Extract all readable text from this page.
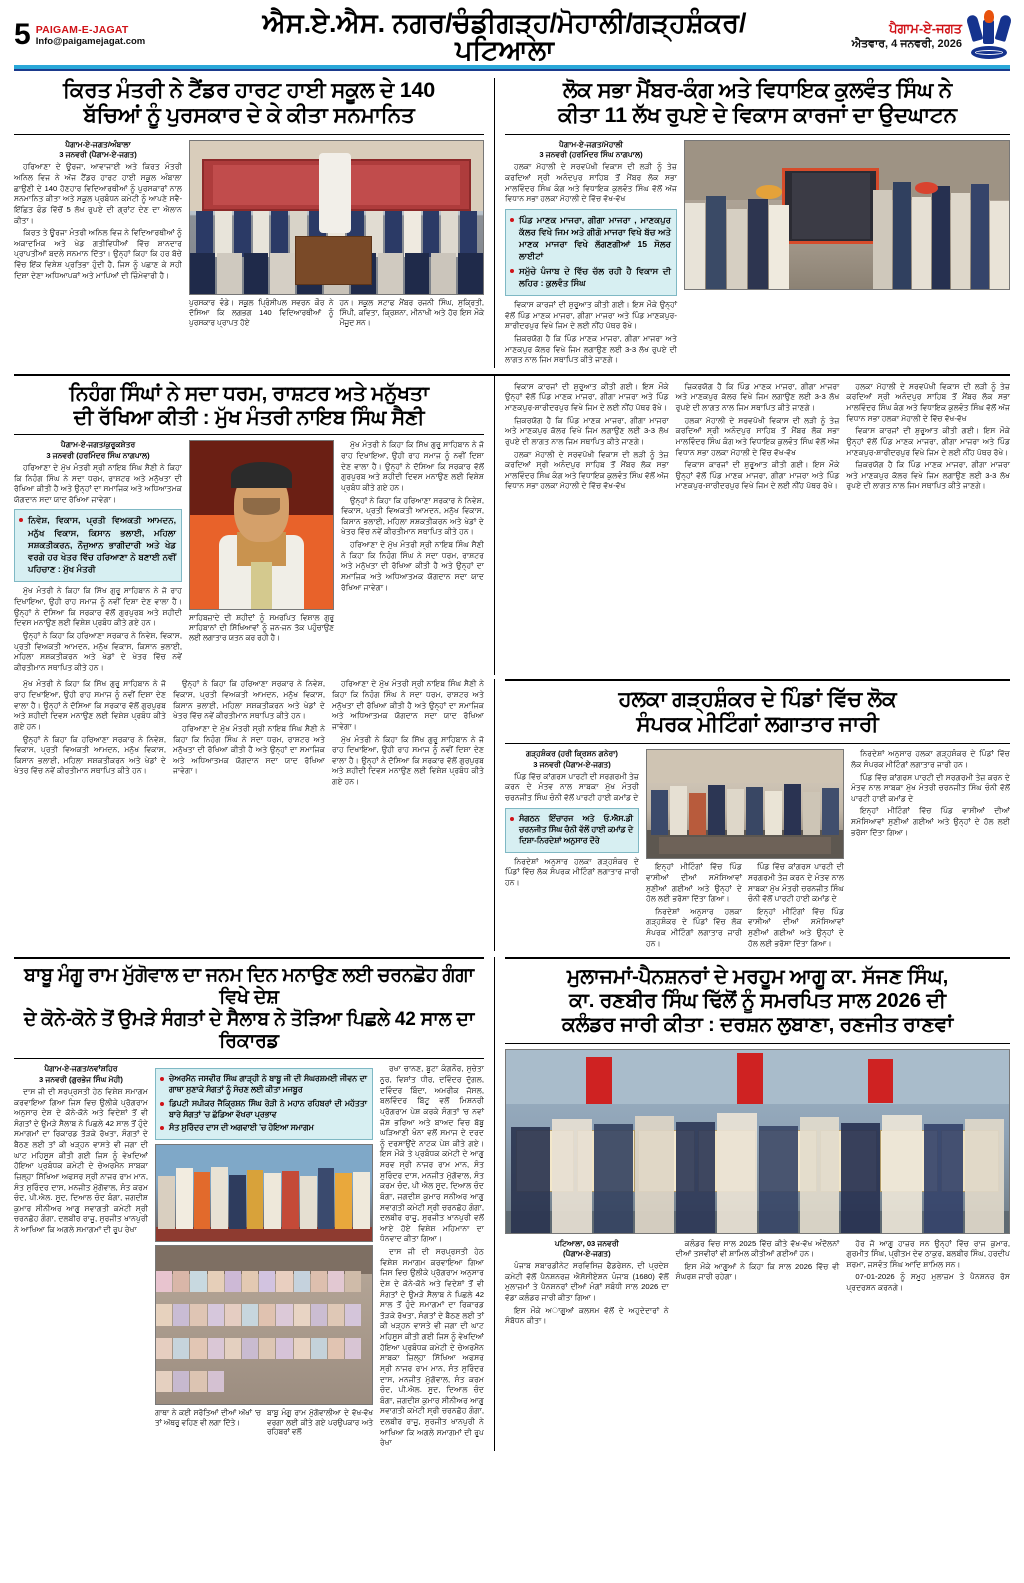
5 PAIGAM-E-JAGAT
Info@paigamejagat.com
ਐਸ.ਏ.ਐਸ. ਨਗਰ/ਚੰਡੀਗੜ੍ਹ/ਮੋਹਾਲੀ/ਗੜ੍ਹਸ਼ੰਕਰ/ਪਟਿਆਲਾ
ਪੈਗਾਮ-ਏ-ਜਗਤ
ਐਤਵਾਰ, 4 ਜਨਵਰੀ, 2026
ਕਿਰਤ ਮੰਤਰੀ ਨੇ ਟੈਂਡਰ ਹਾਰਟ ਹਾਈ ਸਕੂਲ ਦੇ 140
ਬੱਚਿਆਂ ਨੂੰ ਪੁਰਸਕਾਰ ਦੇ ਕੇ ਕੀਤਾ ਸਨਮਾਨਿਤ
ਪੈਗਾਮ-ਏ-ਜਗਤ/ਅੰਬਾਲਾ
3 ਜਨਵਰੀ (ਪੈਗਾਮ-ਏ-ਜਗਤ)

ਹਰਿਆਣਾ ਦੇ ਊਰਜਾ, ਆਵਾਜਾਈ ਅਤੇ ਕਿਰਤ ਮੰਤਰੀ ਅਨਿਲ ਵਿਜ ਨੇ ਅੱਜ ਟੈਂਡਰ ਹਾਰਟ ਹਾਈ ਸਕੂਲ ਅੰਬਾਲਾ ਛਾਉਣੀ ਦੇ 140 ਹੋਣਹਾਰ ਵਿਦਿਆਰਥੀਆਂ ਨੂੰ ਪੁਰਸਕਾਰਾਂ ਨਾਲ ਸਨਮਾਨਿਤ ਕੀਤਾ ਅਤੇ ਸਕੂਲ ਪ੍ਰਬੰਧਨ ਕਮੇਟੀ ਨੂੰ ਆਪਣੇ ਸਵੈ-ਇੱਛਿਤ ਫੰਡ ਵਿੱਚੋਂ 5 ਲੱਖ ਰੁਪਏ ਦੀ ਗ੍ਰਾਂਟ ਦੇਣ ਦਾ ਐਲਾਨ ਕੀਤਾ।

ਕਿਰਤ ਤੇ ਊਰਜਾ ਮੰਤਰੀ ਅਨਿਲ ਵਿਜ ਨੇ ਵਿਦਿਆਰਥੀਆਂ ਨੂੰ ਅਕਾਦਮਿਕ ਅਤੇ ਖੇਡ ਗਤੀਵਿਧੀਆਂ ਵਿੱਚ ਸ਼ਾਨਦਾਰ ਪ੍ਰਾਪਤੀਆਂ ਬਦਲੇ ਸਨਮਾਨ ਦਿੱਤਾ। ਉਨ੍ਹਾਂ ਕਿਹਾ ਕਿ ਹਰ ਬੱਚੇ ਵਿੱਚ ਇੱਕ ਵਿਸ਼ੇਸ਼ ਪ੍ਰਤਿਭਾ ਹੁੰਦੀ ਹੈ, ਜਿਸ ਨੂੰ ਪਛਾਣ ਕੇ ਸਹੀ ਦਿਸ਼ਾ ਦੇਣਾ ਅਧਿਆਪਕਾਂ ਅਤੇ ਮਾਪਿਆਂ ਦੀ ਜ਼ਿੰਮੇਵਾਰੀ ਹੈ।

ਪੁਰਸਕਾਰ ਵੰਡੇ। ਸਕੂਲ ਪ੍ਰਿੰਸੀਪਲ ਸਵਰਨ ਕੌਰ ਨੇ ਦੱਸਿਆ ਕਿ ਲਗਭਗ 140 ਵਿਦਿਆਰਥੀਆਂ ਨੂੰ ਪੁਰਸਕਾਰ ਪ੍ਰਾਪਤ ਹੋਏ
ਹਨ। ਸਕੂਲ ਸਟਾਫ ਮੈਂਬਰ ਰਜਨੀ ਸਿੰਘ, ਸੁਕ੍ਰਿਤੀ, ਸਿੰਪੀ, ਕਵਿਤਾ, ਕ੍ਰਿਸ਼ਨਾ, ਮੀਨਾਖੀ ਅਤੇ ਹੋਰ ਇਸ ਮੌਕੇ ਮੌਜੂਦ ਸਨ।
ਲੋਕ ਸਭਾ ਮੈਂਬਰ-ਕੰਗ ਅਤੇ ਵਿਧਾਇਕ ਕੁਲਵੰਤ ਸਿੰਘ ਨੇ
ਕੀਤਾ 11 ਲੱਖ ਰੁਪਏ ਦੇ ਵਿਕਾਸ ਕਾਰਜਾਂ ਦਾ ਉਦਘਾਟਨ
ਪੈਗਾਮ-ਏ-ਜਗਤ/ਮੋਹਾਲੀ
3 ਜਨਵਰੀ (ਹਰਮਿੰਦਰ ਸਿੰਘ ਨਾਗਪਾਲ)

ਹਲਕਾ ਮੋਹਾਲੀ ਦੇ ਸਰਵਪੱਖੀ ਵਿਕਾਸ ਦੀ ਲੜੀ ਨੂੰ ਤੇਜ਼ ਕਰਦਿਆਂ ਸ੍ਰੀ ਅਨੰਦਪੁਰ ਸਾਹਿਬ ਤੋਂ ਮੈਂਬਰ ਲੋਕ ਸਭਾ ਮਾਲਵਿੰਦਰ ਸਿੰਘ ਕੰਗ ਅਤੇ ਵਿਧਾਇਕ ਕੁਲਵੰਤ ਸਿੰਘ ਵੱਲੋਂ ਅੱਜ ਵਿਧਾਨ ਸਭਾ ਹਲਕਾ ਮੋਹਾਲੀ ਦੇ ਵਿੱਚ ਵੱਖ-ਵੱਖ

ਪਿੰਡ ਮਾਣਕ ਮਾਜਰਾ, ਗੀਗਾ ਮਾਜਰਾ , ਮਾਣਕਪੁਰ ਕੱਲਰ ਵਿਖੇ ਜਿਮ ਅਤੇ ਗੀਗੋ ਮਾਜਰਾ ਵਿਖੇ ਬੱਚ ਅਤੇ ਮਾਣਕ ਮਾਜਰਾ ਵਿਖੇ ਲੱਗਣਗੀਆਂ 15 ਸੋਲਰ ਲਾਈਟਾਂ
ਸਮੁੱਚੇ ਪੰਜਾਬ ਦੇ ਵਿੱਚ ਚੱਲ ਰਹੀ ਹੈ ਵਿਕਾਸ ਦੀ ਲਹਿਰ : ਕੁਲਵੰਤ ਸਿੰਘ

ਵਿਕਾਸ ਕਾਰਜਾਂ ਦੀ ਸ਼ੁਰੂਆਤ ਕੀਤੀ ਗਈ। ਇਸ ਮੌਕੇ ਉਨ੍ਹਾਂ ਵੱਲੋਂ ਪਿੰਡ ਮਾਣਕ ਮਾਜਰਾ, ਗੀਗਾ ਮਾਜਰਾ ਅਤੇ ਪਿੰਡ ਮਾਣਕਪੁਰ-ਸ਼ਾਰੀਦਰਪੁਰ ਵਿਖੇ ਜਿਮ ਦੇ ਲਈ ਨੀਂਹ ਪੱਥਰ ਰੱਖੇ।

ਜ਼ਿਕਰਯੋਗ ਹੈ ਕਿ ਪਿੰਡ ਮਾਣਕ ਮਾਜਰਾ, ਗੀਗਾ ਮਾਜਰਾ ਅਤੇ ਮਾਣਕਪੁਰ ਕੱਲਰ ਵਿਖੇ ਜਿਮ ਲਗਾਉਣ ਲਈ 3-3 ਲੱਖ ਰੁਪਏ ਦੀ ਲਾਗਤ ਨਾਲ ਜਿਮ ਸਥਾਪਿਤ ਕੀਤੇ ਜਾਣਗੇ।

ਨਿਹੰਗ ਸਿੰਘਾਂ ਨੇ ਸਦਾ ਧਰਮ, ਰਾਸ਼ਟਰ ਅਤੇ ਮਨੁੱਖਤਾ
ਦੀ ਰੱਖਿਆ ਕੀਤੀ : ਮੁੱਖ ਮੰਤਰੀ ਨਾਇਬ ਸਿੰਘ ਸੈਣੀ
ਪੈਗਾਮ-ਏ-ਜਗਤ/ਕੁਰੂਕਸ਼ੇਤਰ
3 ਜਨਵਰੀ (ਹਰਮਿੰਦਰ ਸਿੰਘ ਨਾਗਪਾਲ)

ਹਰਿਆਣਾ ਦੇ ਮੁੱਖ ਮੰਤਰੀ ਸ੍ਰੀ ਨਾਇਬ ਸਿੰਘ ਸੈਣੀ ਨੇ ਕਿਹਾ ਕਿ ਨਿਹੰਗ ਸਿੰਘ ਨੇ ਸਦਾ ਧਰਮ, ਰਾਸ਼ਟਰ ਅਤੇ ਮਨੁੱਖਤਾ ਦੀ ਰੱਖਿਆ ਕੀਤੀ ਹੈ ਅਤੇ ਉਨ੍ਹਾਂ ਦਾ ਸਮਾਜਿਕ ਅਤੇ ਅਧਿਆਤਮਕ ਯੋਗਦਾਨ ਸਦਾ ਯਾਦ ਰੱਖਿਆ ਜਾਵੇਗਾ।

ਨਿਵੇਸ਼, ਵਿਕਾਸ, ਪ੍ਰਤੀ ਵਿਅਕਤੀ ਆਮਦਨ, ਮਨੁੱਖ ਵਿਕਾਸ, ਕਿਸਾਨ ਭਲਾਈ, ਮਹਿਲਾ ਸਸ਼ਕਤੀਕਰਨ, ਨੌਜੁਆਨ ਭਾਗੀਦਾਰੀ ਅਤੇ ਖੇਡ ਵਰਗੇ ਹਰ ਖੇਤਰ ਵਿੱਚ ਹਰਿਆਣਾ ਨੇ ਬਣਾਈ ਨਵੀਂ ਪਹਿਚਾਣ : ਮੁੱਖ ਮੰਤਰੀ

ਮੁੱਖ ਮੰਤਰੀ ਨੇ ਕਿਹਾ ਕਿ ਸਿੱਖ ਗੁਰੂ ਸਾਹਿਬਾਨ ਨੇ ਜੋ ਰਾਹ ਦਿਖਾਇਆ, ਉਹੀ ਰਾਹ ਸਮਾਜ ਨੂੰ ਨਵੀਂ ਦਿਸ਼ਾ ਦੇਣ ਵਾਲਾ ਹੈ। ਉਨ੍ਹਾਂ ਨੇ ਦੱਸਿਆ ਕਿ ਸਰਕਾਰ ਵੱਲੋਂ ਗੁਰਪੁਰਬ ਅਤੇ ਸ਼ਹੀਦੀ ਦਿਵਸ ਮਨਾਉਣ ਲਈ ਵਿਸ਼ੇਸ਼ ਪ੍ਰਬੰਧ ਕੀਤੇ ਗਏ ਹਨ।

ਉਨ੍ਹਾਂ ਨੇ ਕਿਹਾ ਕਿ ਹਰਿਆਣਾ ਸਰਕਾਰ ਨੇ ਨਿਵੇਸ਼, ਵਿਕਾਸ, ਪ੍ਰਤੀ ਵਿਅਕਤੀ ਆਮਦਨ, ਮਨੁੱਖ ਵਿਕਾਸ, ਕਿਸਾਨ ਭਲਾਈ, ਮਹਿਲਾ ਸਸ਼ਕਤੀਕਰਨ ਅਤੇ ਖੇਡਾਂ ਦੇ ਖੇਤਰ ਵਿੱਚ ਨਵੇਂ ਕੀਰਤੀਮਾਨ ਸਥਾਪਿਤ ਕੀਤੇ ਹਨ।

ਸਾਹਿਬਜ਼ਾਦੇ ਦੀ ਸ਼ਹੀਦਾਂ ਨੂੰ ਸਮਰਪਿਤ ਵਿਸ਼ਾਲ ਗੁਰੂ ਸਾਹਿਬਾਨਾਂ ਦੀ ਸਿੱਖਿਆਵਾਂ ਨੂੰ ਜਨ-ਜਨ ਤੱਕ ਪਹੁੰਚਾਉਣ ਲਈ ਲਗਾਤਾਰ ਯਤਨ ਕਰ ਰਹੀ ਹੈ।

ਮੁੱਖ ਮੰਤਰੀ ਨੇ ਕਿਹਾ ਕਿ ਸਿੱਖ ਗੁਰੂ ਸਾਹਿਬਾਨ ਨੇ ਜੋ ਰਾਹ ਦਿਖਾਇਆ, ਉਹੀ ਰਾਹ ਸਮਾਜ ਨੂੰ ਨਵੀਂ ਦਿਸ਼ਾ ਦੇਣ ਵਾਲਾ ਹੈ। ਉਨ੍ਹਾਂ ਨੇ ਦੱਸਿਆ ਕਿ ਸਰਕਾਰ ਵੱਲੋਂ ਗੁਰਪੁਰਬ ਅਤੇ ਸ਼ਹੀਦੀ ਦਿਵਸ ਮਨਾਉਣ ਲਈ ਵਿਸ਼ੇਸ਼ ਪ੍ਰਬੰਧ ਕੀਤੇ ਗਏ ਹਨ।

ਉਨ੍ਹਾਂ ਨੇ ਕਿਹਾ ਕਿ ਹਰਿਆਣਾ ਸਰਕਾਰ ਨੇ ਨਿਵੇਸ਼, ਵਿਕਾਸ, ਪ੍ਰਤੀ ਵਿਅਕਤੀ ਆਮਦਨ, ਮਨੁੱਖ ਵਿਕਾਸ, ਕਿਸਾਨ ਭਲਾਈ, ਮਹਿਲਾ ਸਸ਼ਕਤੀਕਰਨ ਅਤੇ ਖੇਡਾਂ ਦੇ ਖੇਤਰ ਵਿੱਚ ਨਵੇਂ ਕੀਰਤੀਮਾਨ ਸਥਾਪਿਤ ਕੀਤੇ ਹਨ।

ਹਰਿਆਣਾ ਦੇ ਮੁੱਖ ਮੰਤਰੀ ਸ੍ਰੀ ਨਾਇਬ ਸਿੰਘ ਸੈਣੀ ਨੇ ਕਿਹਾ ਕਿ ਨਿਹੰਗ ਸਿੰਘ ਨੇ ਸਦਾ ਧਰਮ, ਰਾਸ਼ਟਰ ਅਤੇ ਮਨੁੱਖਤਾ ਦੀ ਰੱਖਿਆ ਕੀਤੀ ਹੈ ਅਤੇ ਉਨ੍ਹਾਂ ਦਾ ਸਮਾਜਿਕ ਅਤੇ ਅਧਿਆਤਮਕ ਯੋਗਦਾਨ ਸਦਾ ਯਾਦ ਰੱਖਿਆ ਜਾਵੇਗਾ।

ਵਿਕਾਸ ਕਾਰਜਾਂ ਦੀ ਸ਼ੁਰੂਆਤ ਕੀਤੀ ਗਈ। ਇਸ ਮੌਕੇ ਉਨ੍ਹਾਂ ਵੱਲੋਂ ਪਿੰਡ ਮਾਣਕ ਮਾਜਰਾ, ਗੀਗਾ ਮਾਜਰਾ ਅਤੇ ਪਿੰਡ ਮਾਣਕਪੁਰ-ਸ਼ਾਰੀਦਰਪੁਰ ਵਿਖੇ ਜਿਮ ਦੇ ਲਈ ਨੀਂਹ ਪੱਥਰ ਰੱਖੇ।

ਜ਼ਿਕਰਯੋਗ ਹੈ ਕਿ ਪਿੰਡ ਮਾਣਕ ਮਾਜਰਾ, ਗੀਗਾ ਮਾਜਰਾ ਅਤੇ ਮਾਣਕਪੁਰ ਕੱਲਰ ਵਿਖੇ ਜਿਮ ਲਗਾਉਣ ਲਈ 3-3 ਲੱਖ ਰੁਪਏ ਦੀ ਲਾਗਤ ਨਾਲ ਜਿਮ ਸਥਾਪਿਤ ਕੀਤੇ ਜਾਣਗੇ।

ਹਲਕਾ ਮੋਹਾਲੀ ਦੇ ਸਰਵਪੱਖੀ ਵਿਕਾਸ ਦੀ ਲੜੀ ਨੂੰ ਤੇਜ਼ ਕਰਦਿਆਂ ਸ੍ਰੀ ਅਨੰਦਪੁਰ ਸਾਹਿਬ ਤੋਂ ਮੈਂਬਰ ਲੋਕ ਸਭਾ ਮਾਲਵਿੰਦਰ ਸਿੰਘ ਕੰਗ ਅਤੇ ਵਿਧਾਇਕ ਕੁਲਵੰਤ ਸਿੰਘ ਵੱਲੋਂ ਅੱਜ ਵਿਧਾਨ ਸਭਾ ਹਲਕਾ ਮੋਹਾਲੀ ਦੇ ਵਿੱਚ ਵੱਖ-ਵੱਖ

ਜ਼ਿਕਰਯੋਗ ਹੈ ਕਿ ਪਿੰਡ ਮਾਣਕ ਮਾਜਰਾ, ਗੀਗਾ ਮਾਜਰਾ ਅਤੇ ਮਾਣਕਪੁਰ ਕੱਲਰ ਵਿਖੇ ਜਿਮ ਲਗਾਉਣ ਲਈ 3-3 ਲੱਖ ਰੁਪਏ ਦੀ ਲਾਗਤ ਨਾਲ ਜਿਮ ਸਥਾਪਿਤ ਕੀਤੇ ਜਾਣਗੇ।

ਹਲਕਾ ਮੋਹਾਲੀ ਦੇ ਸਰਵਪੱਖੀ ਵਿਕਾਸ ਦੀ ਲੜੀ ਨੂੰ ਤੇਜ਼ ਕਰਦਿਆਂ ਸ੍ਰੀ ਅਨੰਦਪੁਰ ਸਾਹਿਬ ਤੋਂ ਮੈਂਬਰ ਲੋਕ ਸਭਾ ਮਾਲਵਿੰਦਰ ਸਿੰਘ ਕੰਗ ਅਤੇ ਵਿਧਾਇਕ ਕੁਲਵੰਤ ਸਿੰਘ ਵੱਲੋਂ ਅੱਜ ਵਿਧਾਨ ਸਭਾ ਹਲਕਾ ਮੋਹਾਲੀ ਦੇ ਵਿੱਚ ਵੱਖ-ਵੱਖ

ਵਿਕਾਸ ਕਾਰਜਾਂ ਦੀ ਸ਼ੁਰੂਆਤ ਕੀਤੀ ਗਈ। ਇਸ ਮੌਕੇ ਉਨ੍ਹਾਂ ਵੱਲੋਂ ਪਿੰਡ ਮਾਣਕ ਮਾਜਰਾ, ਗੀਗਾ ਮਾਜਰਾ ਅਤੇ ਪਿੰਡ ਮਾਣਕਪੁਰ-ਸ਼ਾਰੀਦਰਪੁਰ ਵਿਖੇ ਜਿਮ ਦੇ ਲਈ ਨੀਂਹ ਪੱਥਰ ਰੱਖੇ।

ਹਲਕਾ ਮੋਹਾਲੀ ਦੇ ਸਰਵਪੱਖੀ ਵਿਕਾਸ ਦੀ ਲੜੀ ਨੂੰ ਤੇਜ਼ ਕਰਦਿਆਂ ਸ੍ਰੀ ਅਨੰਦਪੁਰ ਸਾਹਿਬ ਤੋਂ ਮੈਂਬਰ ਲੋਕ ਸਭਾ ਮਾਲਵਿੰਦਰ ਸਿੰਘ ਕੰਗ ਅਤੇ ਵਿਧਾਇਕ ਕੁਲਵੰਤ ਸਿੰਘ ਵੱਲੋਂ ਅੱਜ ਵਿਧਾਨ ਸਭਾ ਹਲਕਾ ਮੋਹਾਲੀ ਦੇ ਵਿੱਚ ਵੱਖ-ਵੱਖ

ਵਿਕਾਸ ਕਾਰਜਾਂ ਦੀ ਸ਼ੁਰੂਆਤ ਕੀਤੀ ਗਈ। ਇਸ ਮੌਕੇ ਉਨ੍ਹਾਂ ਵੱਲੋਂ ਪਿੰਡ ਮਾਣਕ ਮਾਜਰਾ, ਗੀਗਾ ਮਾਜਰਾ ਅਤੇ ਪਿੰਡ ਮਾਣਕਪੁਰ-ਸ਼ਾਰੀਦਰਪੁਰ ਵਿਖੇ ਜਿਮ ਦੇ ਲਈ ਨੀਂਹ ਪੱਥਰ ਰੱਖੇ।

ਜ਼ਿਕਰਯੋਗ ਹੈ ਕਿ ਪਿੰਡ ਮਾਣਕ ਮਾਜਰਾ, ਗੀਗਾ ਮਾਜਰਾ ਅਤੇ ਮਾਣਕਪੁਰ ਕੱਲਰ ਵਿਖੇ ਜਿਮ ਲਗਾਉਣ ਲਈ 3-3 ਲੱਖ ਰੁਪਏ ਦੀ ਲਾਗਤ ਨਾਲ ਜਿਮ ਸਥਾਪਿਤ ਕੀਤੇ ਜਾਣਗੇ।

ਮੁੱਖ ਮੰਤਰੀ ਨੇ ਕਿਹਾ ਕਿ ਸਿੱਖ ਗੁਰੂ ਸਾਹਿਬਾਨ ਨੇ ਜੋ ਰਾਹ ਦਿਖਾਇਆ, ਉਹੀ ਰਾਹ ਸਮਾਜ ਨੂੰ ਨਵੀਂ ਦਿਸ਼ਾ ਦੇਣ ਵਾਲਾ ਹੈ। ਉਨ੍ਹਾਂ ਨੇ ਦੱਸਿਆ ਕਿ ਸਰਕਾਰ ਵੱਲੋਂ ਗੁਰਪੁਰਬ ਅਤੇ ਸ਼ਹੀਦੀ ਦਿਵਸ ਮਨਾਉਣ ਲਈ ਵਿਸ਼ੇਸ਼ ਪ੍ਰਬੰਧ ਕੀਤੇ ਗਏ ਹਨ।

ਉਨ੍ਹਾਂ ਨੇ ਕਿਹਾ ਕਿ ਹਰਿਆਣਾ ਸਰਕਾਰ ਨੇ ਨਿਵੇਸ਼, ਵਿਕਾਸ, ਪ੍ਰਤੀ ਵਿਅਕਤੀ ਆਮਦਨ, ਮਨੁੱਖ ਵਿਕਾਸ, ਕਿਸਾਨ ਭਲਾਈ, ਮਹਿਲਾ ਸਸ਼ਕਤੀਕਰਨ ਅਤੇ ਖੇਡਾਂ ਦੇ ਖੇਤਰ ਵਿੱਚ ਨਵੇਂ ਕੀਰਤੀਮਾਨ ਸਥਾਪਿਤ ਕੀਤੇ ਹਨ।

ਉਨ੍ਹਾਂ ਨੇ ਕਿਹਾ ਕਿ ਹਰਿਆਣਾ ਸਰਕਾਰ ਨੇ ਨਿਵੇਸ਼, ਵਿਕਾਸ, ਪ੍ਰਤੀ ਵਿਅਕਤੀ ਆਮਦਨ, ਮਨੁੱਖ ਵਿਕਾਸ, ਕਿਸਾਨ ਭਲਾਈ, ਮਹਿਲਾ ਸਸ਼ਕਤੀਕਰਨ ਅਤੇ ਖੇਡਾਂ ਦੇ ਖੇਤਰ ਵਿੱਚ ਨਵੇਂ ਕੀਰਤੀਮਾਨ ਸਥਾਪਿਤ ਕੀਤੇ ਹਨ।

ਹਰਿਆਣਾ ਦੇ ਮੁੱਖ ਮੰਤਰੀ ਸ੍ਰੀ ਨਾਇਬ ਸਿੰਘ ਸੈਣੀ ਨੇ ਕਿਹਾ ਕਿ ਨਿਹੰਗ ਸਿੰਘ ਨੇ ਸਦਾ ਧਰਮ, ਰਾਸ਼ਟਰ ਅਤੇ ਮਨੁੱਖਤਾ ਦੀ ਰੱਖਿਆ ਕੀਤੀ ਹੈ ਅਤੇ ਉਨ੍ਹਾਂ ਦਾ ਸਮਾਜਿਕ ਅਤੇ ਅਧਿਆਤਮਕ ਯੋਗਦਾਨ ਸਦਾ ਯਾਦ ਰੱਖਿਆ ਜਾਵੇਗਾ।

ਹਰਿਆਣਾ ਦੇ ਮੁੱਖ ਮੰਤਰੀ ਸ੍ਰੀ ਨਾਇਬ ਸਿੰਘ ਸੈਣੀ ਨੇ ਕਿਹਾ ਕਿ ਨਿਹੰਗ ਸਿੰਘ ਨੇ ਸਦਾ ਧਰਮ, ਰਾਸ਼ਟਰ ਅਤੇ ਮਨੁੱਖਤਾ ਦੀ ਰੱਖਿਆ ਕੀਤੀ ਹੈ ਅਤੇ ਉਨ੍ਹਾਂ ਦਾ ਸਮਾਜਿਕ ਅਤੇ ਅਧਿਆਤਮਕ ਯੋਗਦਾਨ ਸਦਾ ਯਾਦ ਰੱਖਿਆ ਜਾਵੇਗਾ।

ਮੁੱਖ ਮੰਤਰੀ ਨੇ ਕਿਹਾ ਕਿ ਸਿੱਖ ਗੁਰੂ ਸਾਹਿਬਾਨ ਨੇ ਜੋ ਰਾਹ ਦਿਖਾਇਆ, ਉਹੀ ਰਾਹ ਸਮਾਜ ਨੂੰ ਨਵੀਂ ਦਿਸ਼ਾ ਦੇਣ ਵਾਲਾ ਹੈ। ਉਨ੍ਹਾਂ ਨੇ ਦੱਸਿਆ ਕਿ ਸਰਕਾਰ ਵੱਲੋਂ ਗੁਰਪੁਰਬ ਅਤੇ ਸ਼ਹੀਦੀ ਦਿਵਸ ਮਨਾਉਣ ਲਈ ਵਿਸ਼ੇਸ਼ ਪ੍ਰਬੰਧ ਕੀਤੇ ਗਏ ਹਨ।

ਹਲਕਾ ਗੜ੍ਹਸ਼ੰਕਰ ਦੇ ਪਿੰਡਾਂ ਵਿੱਚ ਲੋਕ
ਸੰਪਰਕ ਮੀਟਿੰਗਾਂ ਲਗਾਤਾਰ ਜਾਰੀ
ਗੜ੍ਹਸ਼ੰਕਰ (ਹਰੀ ਕ੍ਰਿਸ਼ਨ ਗਨੇਰਾ)
3 ਜਨਵਰੀ (ਪੈਗਾਮ-ਏ-ਜਗਤ)

ਪਿੰਡ ਵਿੱਚ ਕਾਂਗਰਸ ਪਾਰਟੀ ਦੀ ਸਰਗਰਮੀ ਤੇਜ਼ ਕਰਨ ਦੇ ਮੰਤਵ ਨਾਲ ਸਾਬਕਾ ਮੁੱਖ ਮੰਤਰੀ ਚਰਨਜੀਤ ਸਿੰਘ ਚੰਨੀ ਵੱਲੋਂ ਪਾਰਟੀ ਹਾਈ ਕਮਾਂਡ ਦੇ

ਸੰਗਠਨ ਇੰਚਾਰਜ ਅਤੇ ਓ.ਐਸ.ਡੀ ਚਰਨਜੀਤ ਸਿੰਘ ਚੰਨੀ ਵੱਲੋਂ ਹਾਈ ਕਮਾਂਡ ਦੇ ਦਿਸ਼ਾ-ਨਿਰਦੇਸ਼ਾਂ ਅਨੁਸਾਰ ਦੌਰੇ

ਨਿਰਦੇਸ਼ਾਂ ਅਨੁਸਾਰ ਹਲਕਾ ਗੜ੍ਹਸ਼ੰਕਰ ਦੇ ਪਿੰਡਾਂ ਵਿੱਚ ਲੋਕ ਸੰਪਰਕ ਮੀਟਿੰਗਾਂ ਲਗਾਤਾਰ ਜਾਰੀ ਹਨ।

ਇਨ੍ਹਾਂ ਮੀਟਿੰਗਾਂ ਵਿੱਚ ਪਿੰਡ ਵਾਸੀਆਂ ਦੀਆਂ ਸਮੱਸਿਆਵਾਂ ਸੁਣੀਆਂ ਗਈਆਂ ਅਤੇ ਉਨ੍ਹਾਂ ਦੇ ਹੱਲ ਲਈ ਭਰੋਸਾ ਦਿੱਤਾ ਗਿਆ।

ਨਿਰਦੇਸ਼ਾਂ ਅਨੁਸਾਰ ਹਲਕਾ ਗੜ੍ਹਸ਼ੰਕਰ ਦੇ ਪਿੰਡਾਂ ਵਿੱਚ ਲੋਕ ਸੰਪਰਕ ਮੀਟਿੰਗਾਂ ਲਗਾਤਾਰ ਜਾਰੀ ਹਨ।

ਪਿੰਡ ਵਿੱਚ ਕਾਂਗਰਸ ਪਾਰਟੀ ਦੀ ਸਰਗਰਮੀ ਤੇਜ਼ ਕਰਨ ਦੇ ਮੰਤਵ ਨਾਲ ਸਾਬਕਾ ਮੁੱਖ ਮੰਤਰੀ ਚਰਨਜੀਤ ਸਿੰਘ ਚੰਨੀ ਵੱਲੋਂ ਪਾਰਟੀ ਹਾਈ ਕਮਾਂਡ ਦੇ

ਇਨ੍ਹਾਂ ਮੀਟਿੰਗਾਂ ਵਿੱਚ ਪਿੰਡ ਵਾਸੀਆਂ ਦੀਆਂ ਸਮੱਸਿਆਵਾਂ ਸੁਣੀਆਂ ਗਈਆਂ ਅਤੇ ਉਨ੍ਹਾਂ ਦੇ ਹੱਲ ਲਈ ਭਰੋਸਾ ਦਿੱਤਾ ਗਿਆ।

ਨਿਰਦੇਸ਼ਾਂ ਅਨੁਸਾਰ ਹਲਕਾ ਗੜ੍ਹਸ਼ੰਕਰ ਦੇ ਪਿੰਡਾਂ ਵਿੱਚ ਲੋਕ ਸੰਪਰਕ ਮੀਟਿੰਗਾਂ ਲਗਾਤਾਰ ਜਾਰੀ ਹਨ।

ਪਿੰਡ ਵਿੱਚ ਕਾਂਗਰਸ ਪਾਰਟੀ ਦੀ ਸਰਗਰਮੀ ਤੇਜ਼ ਕਰਨ ਦੇ ਮੰਤਵ ਨਾਲ ਸਾਬਕਾ ਮੁੱਖ ਮੰਤਰੀ ਚਰਨਜੀਤ ਸਿੰਘ ਚੰਨੀ ਵੱਲੋਂ ਪਾਰਟੀ ਹਾਈ ਕਮਾਂਡ ਦੇ

ਇਨ੍ਹਾਂ ਮੀਟਿੰਗਾਂ ਵਿੱਚ ਪਿੰਡ ਵਾਸੀਆਂ ਦੀਆਂ ਸਮੱਸਿਆਵਾਂ ਸੁਣੀਆਂ ਗਈਆਂ ਅਤੇ ਉਨ੍ਹਾਂ ਦੇ ਹੱਲ ਲਈ ਭਰੋਸਾ ਦਿੱਤਾ ਗਿਆ।

ਬਾਬੂ ਮੰਗੂ ਰਾਮ ਮੁੱਗੋਵਾਲ ਦਾ ਜਨਮ ਦਿਨ ਮਨਾਉਣ ਲਈ ਚਰਨਛੋਹ ਗੰਗਾ ਵਿਖੇ ਦੇਸ਼
ਦੇ ਕੋਨੇ-ਕੋਨੇ ਤੋਂ ਉਮੜੇ ਸੰਗਤਾਂ ਦੇ ਸੈਲਾਬ ਨੇ ਤੋੜਿਆ ਪਿਛਲੇ 42 ਸਾਲ ਦਾ ਰਿਕਾਰਡ
ਪੈਗਾਮ-ਏ-ਜਗਤ/ਨਵਾਂਸ਼ਹਿਰ
3 ਜਨਵਰੀ (ਗੁਰਭੇਜ ਸਿੰਘ ਮੋਹੀ)

ਦਾਸ ਜੀ ਦੀ ਸਰਪ੍ਰਸਤੀ ਹੇਠ ਵਿਸ਼ੇਸ਼ ਸਮਾਗਮ ਕਰਵਾਇਆ ਗਿਆ ਜਿਸ ਵਿਚ ਉਲੀਕੇ ਪ੍ਰੋਗਰਾਮ ਅਨੁਸਾਰ ਦੇਸ਼ ਦੇ ਕੋਨੇ-ਕੋਨੇ ਅਤੇ ਵਿਦੇਸ਼ਾਂ ਤੋਂ ਵੀ ਸੰਗਤਾਂ ਦੇ ਉਮੜੇ ਸੈਲਾਬ ਨੇ ਪਿਛਲੇ 42 ਸਾਲ ਤੋਂ ਹੁੰਦੇ ਸਮਾਗਮਾਂ ਦਾ ਰਿਕਾਰਡ ਤੋੜਕੇ ਰੱਖਤਾ, ਸੰਗਤਾਂ ਦੇ ਬੈਠਣ ਲਈ ਤਾਂ ਕੀ ਖੜ੍ਹਨ ਵਾਸਤੇ ਵੀ ਜਗਾ ਦੀ ਘਾਟ ਮਹਿਸੂਸ ਕੀਤੀ ਗਈ ਜਿਸ ਨੂੰ ਵੇਖਦਿਆਂ ਹੋਇਆ ਪ੍ਰਬੰਧਕ ਕਮੇਟੀ ਦੇ ਚੇਅਰਮੈਨ ਸਾਬਕਾ ਜ਼ਿਲ੍ਹਾ ਸਿੱਖਿਆ ਅਫਸਰ ਸ੍ਰੀ ਨਾਜਰ ਰਾਮ ਮਾਨ, ਸੰਤ ਸੁਰਿੰਦਰ ਦਾਸ, ਮਨਜੀਤ ਮੁੱਗੋਵਾਲ, ਸੰਤ ਕਰਮ ਚੰਦ, ਪੀ.ਐਲ. ਸੂਦ, ਦਿਆਲ ਚੰਦ ਬੰਗਾ, ਜਗਦੀਸ਼ ਕੁਮਾਰ ਸੀਨੀਅਰ ਆਗੂ ਸਵਾਗਤੀ ਕਮੇਟੀ ਸ੍ਰੀ ਚਰਨਛੋਹ ਗੰਗਾ, ਦਲਬੀਰ ਰਾਜੂ, ਸੁਰਜੀਤ ਖਾਨਪੁਰੀ ਨੇ ਆਖਿਆ ਕਿ ਅਗਲੇ ਸਮਾਗਮਾਂ ਦੀ ਰੂਪ ਰੇਖਾ

ਚੇਅਰਮੈਨ ਜਸਵੀਰ ਸਿੰਘ ਗਾੜ੍ਹੀ ਨੇ ਬਾਬੂ ਜੀ ਦੀ ਸੰਘਰਸ਼ਮਈ ਜੀਵਨ ਦਾ ਗਾਥਾ ਸੁਣਾਕੇ ਸੰਗਤਾਂ ਨੂੰ ਸੋਚਣ ਲਈ ਕੀਤਾ ਮਜਬੂਰ
ਡਿਪਟੀ ਸਪੀਕਰ ਜੈਕ੍ਰਿਸ਼ਨ ਸਿੰਘ ਰੋੜੀ ਨੇ ਮਹਾਨ ਰਹਿਬਰਾਂ ਦੀ ਮਹੱਤਤਾ ਬਾਰੇ ਸੰਗਤਾਂ 'ਚ ਛੱਡਿਆ ਵੱਖਰਾ ਪ੍ਰਭਾਵ
ਸੰਤ ਸੁਰਿੰਦਰ ਦਾਸ ਦੀ ਅਗਵਾਈ 'ਚ ਹੋਇਆ ਸਮਾਗਮ
ਗਾਥਾ ਨੇ ਕਈ ਸਰੋਤਿਆਂ ਦੀਆਂ ਅੱਖਾਂ 'ਚ ਤਾਂ ਅੱਥਰੂ ਵਹਿਣ ਵੀ ਲਗਾ ਦਿੱਤੇ।
ਬਾਬੂ ਮੰਗੂ ਰਾਮ ਮੁੱਗੋਵਾਲੀਆ ਦੇ ਵੱਖ-ਵੱਖ ਵਰਗਾ ਲਈ ਕੀਤੇ ਗਏ ਪਰਉਪਕਾਰ ਅਤੇ ਰਹਿਬਰਾਂ ਵਲੋਂ

ਰਖਾ ਚਾਨਣ, ਬੂਟਾ ਕੰਗਨੌਰ, ਸੁਚੇਤਾ ਨੂਰ, ਵਿਸ਼ਾਂਤ ਧੀਰ, ਦਵਿੰਦਰ ਦੁੱਗਲ, ਦਵਿੰਦਰ ਬਿੰਦਾ, ਅਮਰੀਕ ਜੱਸਲ, ਬਲਵਿੰਦਰ ਬਿੱਟੂ ਵਲੋਂ ਮਿਸ਼ਨਰੀ ਪ੍ਰੋਗਰਾਮ ਪੇਸ਼ ਕਰਕੇ ਸੰਗਤਾਂ 'ਚ ਨਵਾਂ ਜੋਸ਼ ਭਰਿਆ ਅਤੇ ਬਾਅਦ ਵਿਚ ਬੱਬੂ ਘੜਿਆਣੀ ਖੰਨਾ ਵਲੋਂ ਸਮਾਜ ਦੇ ਦਰਦ ਨੂੰ ਦਰਸਾਉਂਦੇ ਨਾਟਕ ਪੇਸ਼ ਕੀਤੇ ਗਏ। ਇਸ ਮੌਕੇ ਤੇ ਪ੍ਰਬੰਧਕ ਕਮੇਟੀ ਦੇ ਆਗੂ ਸਰਵ ਸ੍ਰੀ ਨਾਜਰ ਰਾਮ ਮਾਨ, ਸੰਤ ਸੁਰਿੰਦਰ ਦਾਸ, ਮਨਜੀਤ ਮੁੱਗੋਵਾਲ, ਸੰਤ ਕਰਮ ਚੰਦ, ਪੀ ਐਲ ਸੂਦ, ਦਿਆਲ ਚੰਦ ਬੰਗਾ, ਜਗਦੀਸ਼ ਕੁਮਾਰ ਸਨੀਅਰ ਆਗੂ ਸਵਾਗਤੀ ਕਮੇਟੀ ਸ੍ਰੀ ਚਰਨਛੋਹ ਗੰਗਾ, ਦਲਬੀਰ ਰਾਜੂ, ਸੁਰਜੀਤ ਖਾਨਪੁਰੀ ਵਲੋਂ ਆਏ ਹੋਏ ਵਿਸ਼ੇਸ਼ ਮਹਿਮਾਨਾ ਦਾ ਧੰਨਵਾਦ ਕੀਤਾ ਗਿਆ।

ਦਾਸ ਜੀ ਦੀ ਸਰਪ੍ਰਸਤੀ ਹੇਠ ਵਿਸ਼ੇਸ਼ ਸਮਾਗਮ ਕਰਵਾਇਆ ਗਿਆ ਜਿਸ ਵਿਚ ਉਲੀਕੇ ਪ੍ਰੋਗਰਾਮ ਅਨੁਸਾਰ ਦੇਸ਼ ਦੇ ਕੋਨੇ-ਕੋਨੇ ਅਤੇ ਵਿਦੇਸ਼ਾਂ ਤੋਂ ਵੀ ਸੰਗਤਾਂ ਦੇ ਉਮੜੇ ਸੈਲਾਬ ਨੇ ਪਿਛਲੇ 42 ਸਾਲ ਤੋਂ ਹੁੰਦੇ ਸਮਾਗਮਾਂ ਦਾ ਰਿਕਾਰਡ ਤੋੜਕੇ ਰੱਖਤਾ, ਸੰਗਤਾਂ ਦੇ ਬੈਠਣ ਲਈ ਤਾਂ ਕੀ ਖੜ੍ਹਨ ਵਾਸਤੇ ਵੀ ਜਗਾ ਦੀ ਘਾਟ ਮਹਿਸੂਸ ਕੀਤੀ ਗਈ ਜਿਸ ਨੂੰ ਵੇਖਦਿਆਂ ਹੋਇਆ ਪ੍ਰਬੰਧਕ ਕਮੇਟੀ ਦੇ ਚੇਅਰਮੈਨ ਸਾਬਕਾ ਜ਼ਿਲ੍ਹਾ ਸਿੱਖਿਆ ਅਫਸਰ ਸ੍ਰੀ ਨਾਜਰ ਰਾਮ ਮਾਨ, ਸੰਤ ਸੁਰਿੰਦਰ ਦਾਸ, ਮਨਜੀਤ ਮੁੱਗੋਵਾਲ, ਸੰਤ ਕਰਮ ਚੰਦ, ਪੀ.ਐਲ. ਸੂਦ, ਦਿਆਲ ਚੰਦ ਬੰਗਾ, ਜਗਦੀਸ਼ ਕੁਮਾਰ ਸੀਨੀਅਰ ਆਗੂ ਸਵਾਗਤੀ ਕਮੇਟੀ ਸ੍ਰੀ ਚਰਨਛੋਹ ਗੰਗਾ, ਦਲਬੀਰ ਰਾਜੂ, ਸੁਰਜੀਤ ਖਾਨਪੁਰੀ ਨੇ ਆਖਿਆ ਕਿ ਅਗਲੇ ਸਮਾਗਮਾਂ ਦੀ ਰੂਪ ਰੇਖਾ

ਮੁਲਾਜਮਾਂ-ਪੈਨਸ਼ਨਰਾਂ ਦੇ ਮਰਹੂਮ ਆਗੂ ਕਾ. ਸੱਜਣ ਸਿੰਘ,
ਕਾ. ਰਣਬੀਰ ਸਿੰਘ ਢਿੱਲੋਂ ਨੂੰ ਸਮਰਪਿਤ ਸਾਲ 2026 ਦੀ
ਕਲੰਡਰ ਜਾਰੀ ਕੀਤਾ : ਦਰਸ਼ਨ ਲੁਬਾਣਾ, ਰਣਜੀਤ ਰਾਣਵਾਂ
ਪਟਿਆਲਾ, 03 ਜਨਵਰੀ
(ਪੈਗਾਮ-ਏ-ਜਗਤ)

ਪੰਜਾਬ ਸਬਾਰਡੀਨੇਟ ਸਰਵਿਸਿਜ਼ ਫੈਡਰੇਸ਼ਨ, ਦੀ ਪ੍ਰਦੇਸ਼ ਕਮੇਟੀ ਵੱਲੋਂ ਪੈਨਸ਼ਨਰਜ਼ ਐਸੋਸੀਏਸ਼ਨ ਪੰਜਾਬ (1680) ਵੱਲੋਂ ਮੁਲਾਜ਼ਮਾਂ ਤੇ ਪੈਨਸ਼ਨਰਾਂ ਦੀਆਂ ਮੰਗਾਂ ਸਬੰਧੀ ਸਾਲ 2026 ਦਾ ਵੱਡਾ ਕਲੰਡਰ ਜਾਰੀ ਕੀਤਾ ਗਿਆ।

ਇਸ ਮੌਕੇ ਅਾਗੂਆਂ ਕਲਸਮ ਵੱਲੋਂ ਦੇ ਅਹੁਦੇਦਾਰਾਂ ਨੇ ਸੰਬੋਧਨ ਕੀਤਾ।

ਕਲੰਡਰ ਵਿਚ ਸਾਲ 2025 ਵਿੱਚ ਕੀਤੇ ਵੱਖ-ਵੱਖ ਅੰਦੋਲਨਾਂ ਦੀਆਂ ਤਸਵੀਰਾਂ ਵੀ ਸ਼ਾਮਿਲ ਕੀਤੀਆਂ ਗਈਆਂ ਹਨ।

ਇਸ ਮੌਕੇ ਆਗੂਆਂ ਨੇ ਕਿਹਾ ਕਿ ਸਾਲ 2026 ਵਿੱਚ ਵੀ ਸੰਘਰਸ਼ ਜਾਰੀ ਰਹੇਗਾ।

ਹੋਰ ਜੋ ਆਗੂ ਹਾਜ਼ਰ ਸਨ ਉਨ੍ਹਾਂ ਵਿੱਚ ਰਾਜ ਕੁਮਾਰ, ਗੁਰਮੀਤ ਸਿੰਘ, ਪ੍ਰੀਤਮ ਦੇਵ ਠਾਕੁਰ, ਬਲਬੀਰ ਸਿੰਘ, ਹਰਦੀਪ ਸ਼ਰਮਾ, ਜਸਵੰਤ ਸਿੰਘ ਆਦਿ ਸ਼ਾਮਿਲ ਸਨ।

07-01-2026 ਨੂੰ ਸਮੂਹ ਮੁਲਾਜ਼ਮ ਤੇ ਪੈਨਸ਼ਨਰ ਰੋਸ ਪ੍ਰਦਰਸ਼ਨ ਕਰਨਗੇ।
